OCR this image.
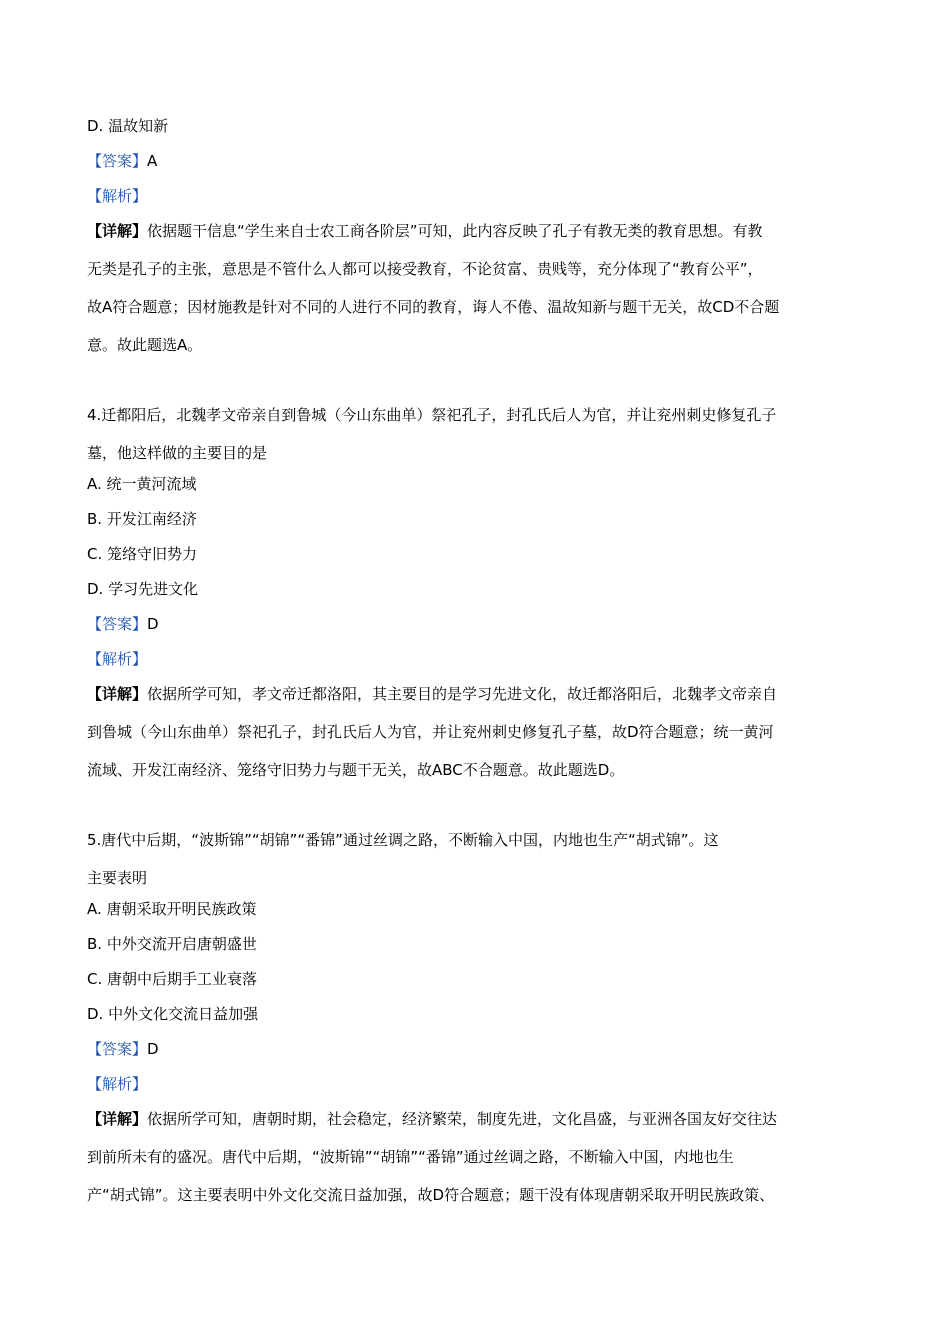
D. 温故知新
【答案】A
【解析】
【详解】依据题干信息“学生来自士农工商各阶层”可知，此内容反映了孔子有教无类的教育思想。有教
无类是孔子的主张，意思是不管什么人都可以接受教育，不论贫富、贵贱等，充分体现了“教育公平”，
故A符合题意；因材施教是针对不同的人进行不同的教育，诲人不倦、温故知新与题干无关，故CD不合题
意。故此题选A。
4.迁都阳后，北魏孝文帝亲自到鲁城（今山东曲单）祭祀孔子，封孔氏后人为官，并让兖州刺史修复孔子
墓，他这样做的主要目的是
A. 统一黄河流域
B. 开发江南经济
C. 笼络守旧势力
D. 学习先进文化
【答案】D
【解析】
【详解】依据所学可知，孝文帝迁都洛阳，其主要目的是学习先进文化，故迁都洛阳后，北魏孝文帝亲自
到鲁城（今山东曲单）祭祀孔子，封孔氏后人为官，并让兖州刺史修复孔子墓，故D符合题意；统一黄河
流域、开发江南经济、笼络守旧势力与题干无关，故ABC不合题意。故此题选D。
5.唐代中后期，“波斯锦”“胡锦”“番锦”通过丝调之路，不断输入中国，内地也生产“胡式锦”。这
主要表明
A. 唐朝采取开明民族政策
B. 中外交流开启唐朝盛世
C. 唐朝中后期手工业衰落
D. 中外文化交流日益加强
【答案】D
【解析】
【详解】依据所学可知，唐朝时期，社会稳定，经济繁荣，制度先进，文化昌盛，与亚洲各国友好交往达
到前所未有的盛况。唐代中后期，“波斯锦”“胡锦”“番锦”通过丝调之路，不断输入中国，内地也生
产“胡式锦”。这主要表明中外文化交流日益加强，故D符合题意；题干没有体现唐朝采取开明民族政策、
